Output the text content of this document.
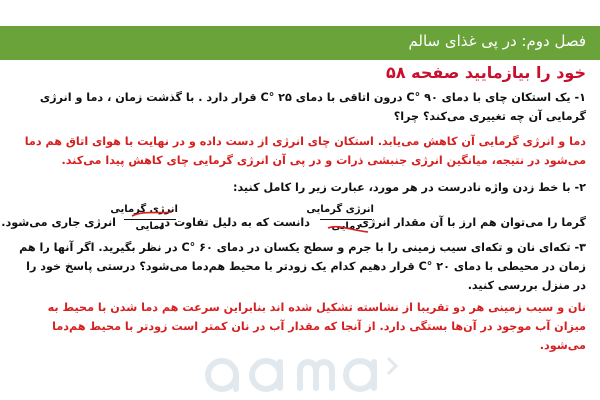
فصل دوم: در پی غذای سالم
خود را بیازمایید صفحه ۵۸
۱- یک استکان چای با دمای C° ۹۰ درون اتاقی با دمای C° ۲۵ قرار دارد . با گذشت زمان ، دما و انرژی گرمایی آن چه تغییری می‌کند؟ چرا؟
دما و انرژی گرمایی آن کاهش می‌یابد. استکان چای انرژی از دست داده و در نهایت با هوای اتاق هم دما می‌شود در نتیجه، میانگین انرژی جنبشی ذرات و در پی آن انرژی گرمایی چای کاهش پیدا می‌کند.
۲- با خط زدن واژه نادرست در هر مورد، عبارت زیر را کامل کنید:
گرما را می‌توان هم ارز با آن مقدار انرژی
انرژی گرمایی
دمایی
دانست که به دلیل تفاوت در
انرژی گرمایی
دمایی
انرژی جاری می‌شود.
۳- تکه‌ای نان و تکه‌ای سیب زمینی را با جرم و سطح یکسان در دمای C° ۶۰ در نظر بگیرید. اگر آنها را هم زمان در محیطی با دمای C° ۲۰ قرار دهیم کدام یک زودتر با محیط هم‌دما می‌شود؟ درستی پاسخ خود را در منزل بررسی کنید.
نان و سیب زمینی هر دو تقریبا از نشاسته تشکیل شده اند بنابراین سرعت هم دما شدن با محیط به میزان آب موجود در آن‌ها بستگی دارد. از آنجا که مقدار آب در نان کمتر است زودتر با محیط هم‌دما می‌شود.
